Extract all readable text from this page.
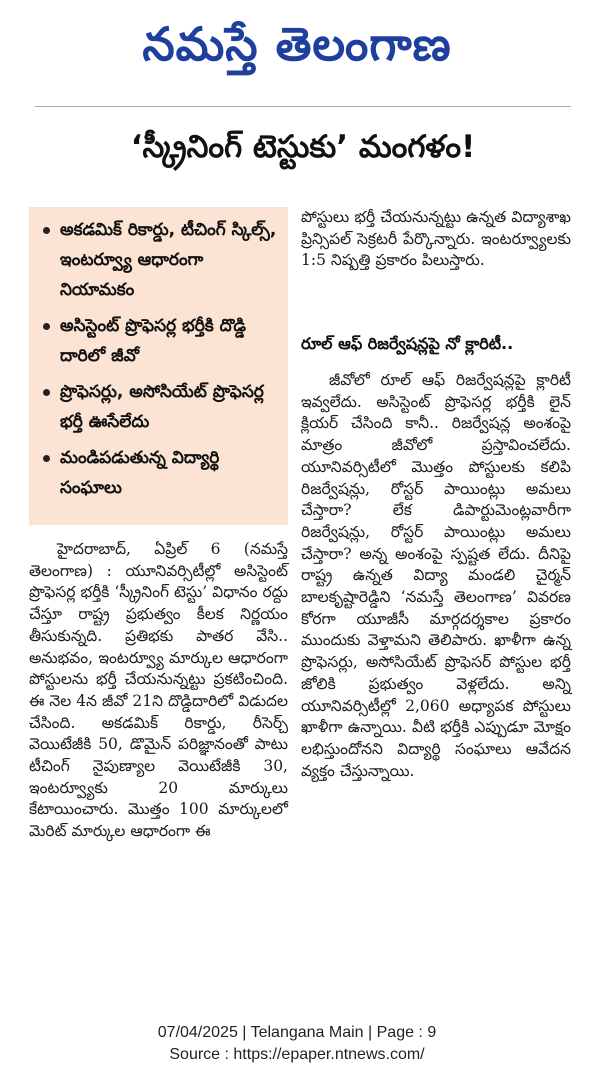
నమస్తే తెలంగాణ
‘స్క్రీనింగ్ టెస్టుకు’ మంగళం!
అకడమిక్ రికార్డు, టీచింగ్ స్కిల్స్, ఇంటర్వ్యూ ఆధారంగా నియామకం
అసిస్టెంట్ ప్రొఫెసర్ల భర్తీకి దొడ్డి దారిలో జీవో
ప్రొఫెసర్లు, అసోసియేట్ ప్రొఫెసర్ల భర్తీ ఊసేలేదు
మండిపడుతున్న విద్యార్థి సంఘాలు

హైదరాబాద్, ఏప్రిల్ 6 (నమస్తే తెలంగాణ) : యూనివర్సిటీల్లో అసిస్టెంట్ ప్రొఫెసర్ల భర్తీకి ‘స్క్రీనింగ్ టెస్టు’ విధానం రద్దు చేస్తూ రాష్ట్ర ప్రభుత్వం కీలక నిర్ణయం తీసుకున్నది. ప్రతిభకు పాతర వేసి.. అనుభవం, ఇంటర్వ్యూ మార్కుల ఆధారంగా పోస్టులను భర్తీ చేయనున్నట్టు ప్రకటించింది. ఈ నెల 4న జీవో 21ని దొడ్డిదారిలో విడుదల చేసింది. అకడమిక్ రికార్డు, రీసెర్చ్ వెయిటేజీకి 50, డొమైన్ పరిజ్ఞానంతో పాటు టీచింగ్ నైపుణ్యాల వెయిటేజీకి 30, ఇంటర్వ్యూకు 20 మార్కులు కేటాయించారు. మొత్తం 100 మార్కులలో మెరిట్ మార్కుల ఆధారంగా ఈ

పోస్టులు భర్తీ చేయనున్నట్టు ఉన్నత విద్యాశాఖ ప్రిన్సిపల్ సెక్రటరీ పేర్కొన్నారు. ఇంటర్వ్యూలకు 1:5 నిష్పత్తి ప్రకారం పిలుస్తారు.

రూల్ ఆఫ్ రిజర్వేషన్లపై నో క్లారిటీ..

జీవోలో రూల్ ఆఫ్ రిజర్వేషన్లపై క్లారిటీ ఇవ్వలేదు. అసిస్టెంట్ ప్రొఫెసర్ల భర్తీకి లైన్ క్లియర్ చేసింది కానీ.. రిజర్వేషన్ల అంశంపై మాత్రం జీవోలో ప్రస్తావించలేదు. యూనివర్సిటీలో మొత్తం పోస్టులకు కలిపి రిజర్వేషన్లు, రోస్టర్ పాయింట్లు అమలు చేస్తారా? లేక డిపార్టుమెంట్లవారీగా రిజర్వేషన్లు, రోస్టర్ పాయింట్లు అమలు చేస్తారా? అన్న అంశంపై స్పష్టత లేదు. దీనిపై రాష్ట్ర ఉన్నత విద్యా మండలి చైర్మన్ బాలకృష్టారెడ్డిని ‘నమస్తే తెలంగాణ’ వివరణ కోరగా యూజీసీ మార్గదర్శకాల ప్రకారం ముందుకు వెళ్తామని తెలిపారు. ఖాళీగా ఉన్న ప్రొఫెసర్లు, అసోసియేట్ ప్రొఫెసర్ పోస్టుల భర్తీ జోలికి ప్రభుత్వం వెళ్లలేదు. అన్ని యూనివర్సిటీల్లో 2,060 అధ్యాపక పోస్టులు ఖాళీగా ఉన్నాయి. వీటి భర్తీకి ఎప్పుడూ మోక్షం లభిస్తుందోనని విద్యార్థి సంఘాలు ఆవేదన వ్యక్తం చేస్తున్నాయి.

07/04/2025 | Telangana Main | Page : 9
Source : https://epaper.ntnews.com/
